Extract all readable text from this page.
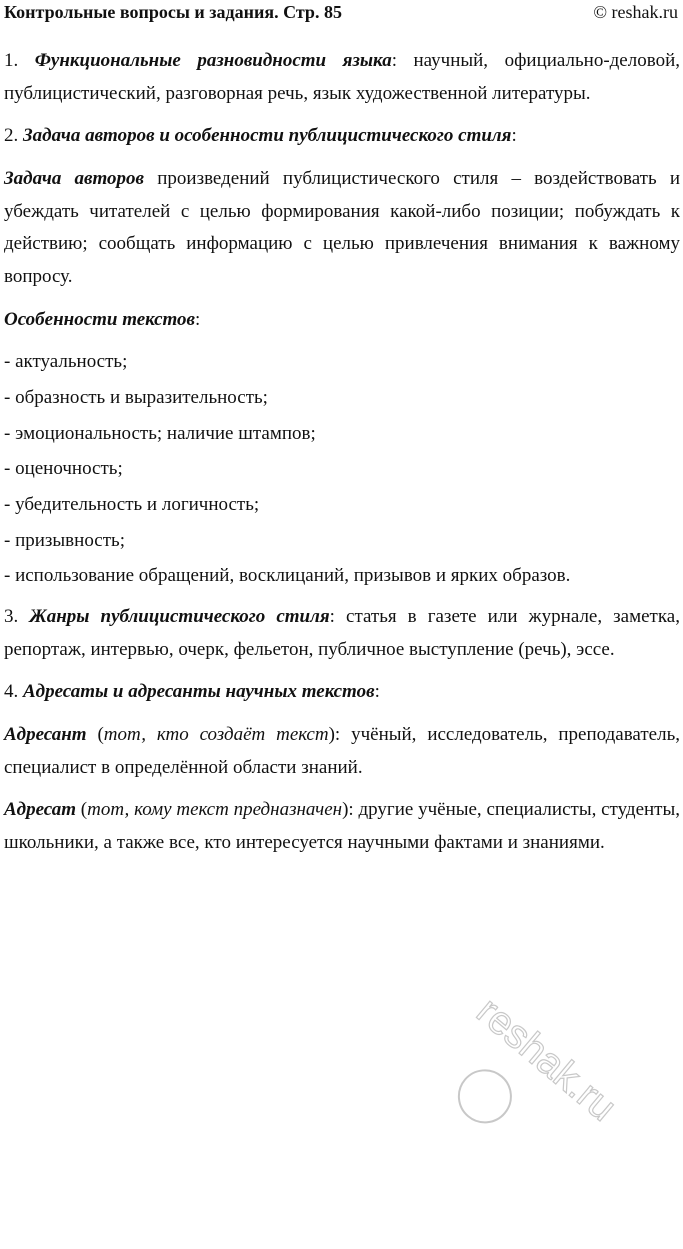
Контрольные вопросы и задания. Стр. 85	© reshak.ru

1. Функциональные разновидности языка: научный, официально-деловой, публицистический, разговорная речь, язык художественной литературы.

2. Задача авторов и особенности публицистического стиля:

Задача авторов произведений публицистического стиля – воздействовать и убеждать читателей с целью формирования какой-либо позиции; побуждать к действию; сообщать информацию с целью привлечения внимания к важному вопросу.

Особенности текстов:

- актуальность;

- образность и выразительность;

- эмоциональность; наличие штампов;

- оценочность;

- убедительность и логичность;

- призывность;

- использование обращений, восклицаний, призывов и ярких образов.

3. Жанры публицистического стиля: статья в газете или журнале, заметка, репортаж, интервью, очерк, фельетон, публичное выступление (речь), эссе.

4. Адресаты и адресанты научных текстов:

Адресант (тот, кто создаёт текст): учёный, исследователь, преподаватель, специалист в определённой области знаний.

Адресат (тот, кому текст предназначен): другие учёные, специалисты, студенты, школьники, а также все, кто интересуется научными фактами и знаниями.

reshak.ru
